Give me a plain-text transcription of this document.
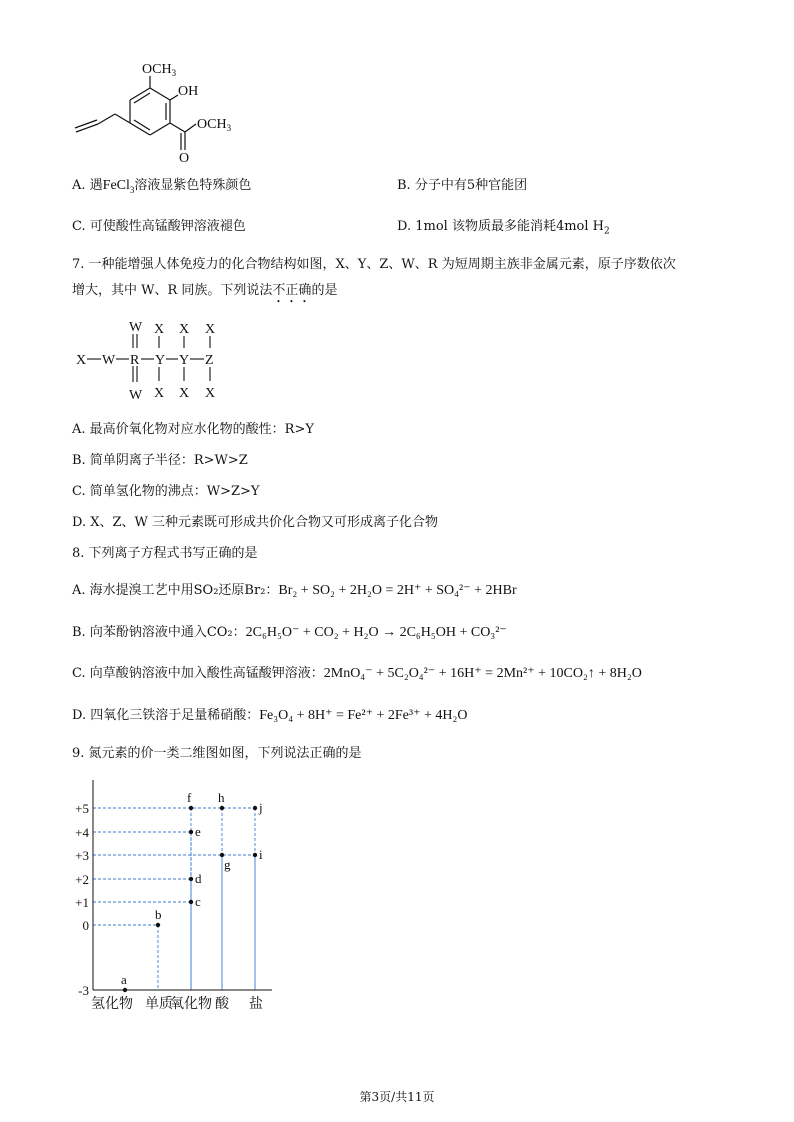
$OCH_3$
OH
$OCH_3$
O
A. 遇FeCl$_3$溶液显紫色特殊颜色	B. 分子中有5种官能团
C. 可使酸性高锰酸钾溶液褪色	D. 1mol 该物质最多能消耗4mol $H_2$
7. 一种能增强人体免疫力的化合物结构如图，X、Y、Z、W、R 为短周期主族非金属元素，原子序数依次
增大，其中 W、R 同族。下列说法不正确的是
X W R Y Y Z
W
W
X
X
X
X
X
X
A. 最高价氧化物对应水化物的酸性：R>Y
B. 简单阴离子半径：R>W>Z
C. 简单氢化物的沸点：W>Z>Y
D. X、Z、W 三种元素既可形成共价化合物又可形成离子化合物
8. 下列离子方程式书写正确的是
A. 海水提溴工艺中用SO₂还原Br₂：Br₂ + SO₂ + 2H₂O = 2H⁺ + SO₄²⁻ + 2HBr
B. 向苯酚钠溶液中通入CO₂：2C₆H₅O⁻ + CO₂ + H₂O → 2C₆H₅OH + CO₃²⁻
C. 向草酸钠溶液中加入酸性高锰酸钾溶液：2MnO₄⁻ + 5C₂O₄²⁻ + 16H⁺ = 2Mn²⁺ + 10CO₂↑ + 8H₂O
D. 四氧化三铁溶于足量稀硝酸：Fe₃O₄ + 8H⁺ = Fe²⁺ + 2Fe³⁺ + 4H₂O
9. 氮元素的价一类二维图如图，下列说法正确的是
+5
+4
+3
+2
+1
0
-3
氢化物 单质
氧化物 酸 盐
a
b
c
d
e
f
g
h
i
j
第3页/共11页
